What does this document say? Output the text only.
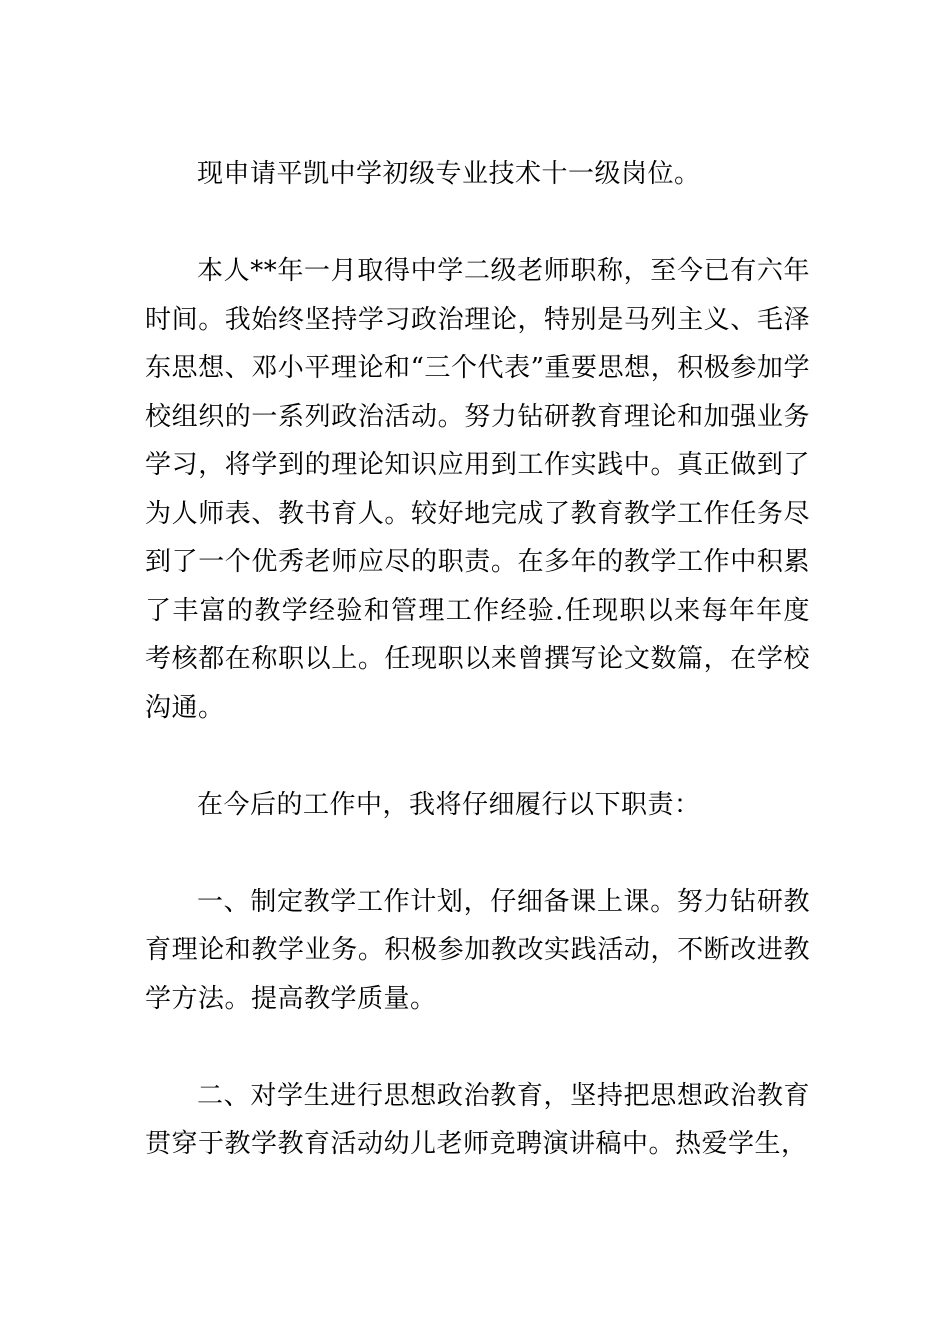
现申请平凯中学初级专业技术十一级岗位。

本人**年一月取得中学二级老师职称，至今已有六年时间。我始终坚持学习政治理论，特别是马列主义、毛泽东思想、邓小平理论和“三个代表”重要思想，积极参加学校组织的一系列政治活动。努力钻研教育理论和加强业务学习，将学到的理论知识应用到工作实践中。真正做到了为人师表、教书育人。较好地完成了教育教学工作任务尽到了一个优秀老师应尽的职责。在多年的教学工作中积累了丰富的教学经验和管理工作经验.任现职以来每年年度考核都在称职以上。任现职以来曾撰写论文数篇，在学校沟通。

在今后的工作中，我将仔细履行以下职责：

一、制定教学工作计划，仔细备课上课。努力钻研教育理论和教学业务。积极参加教改实践活动，不断改进教学方法。提高教学质量。

二、对学生进行思想政治教育，坚持把思想政治教育贯穿于教学教育活动幼儿老师竞聘演讲稿中。热爱学生，
